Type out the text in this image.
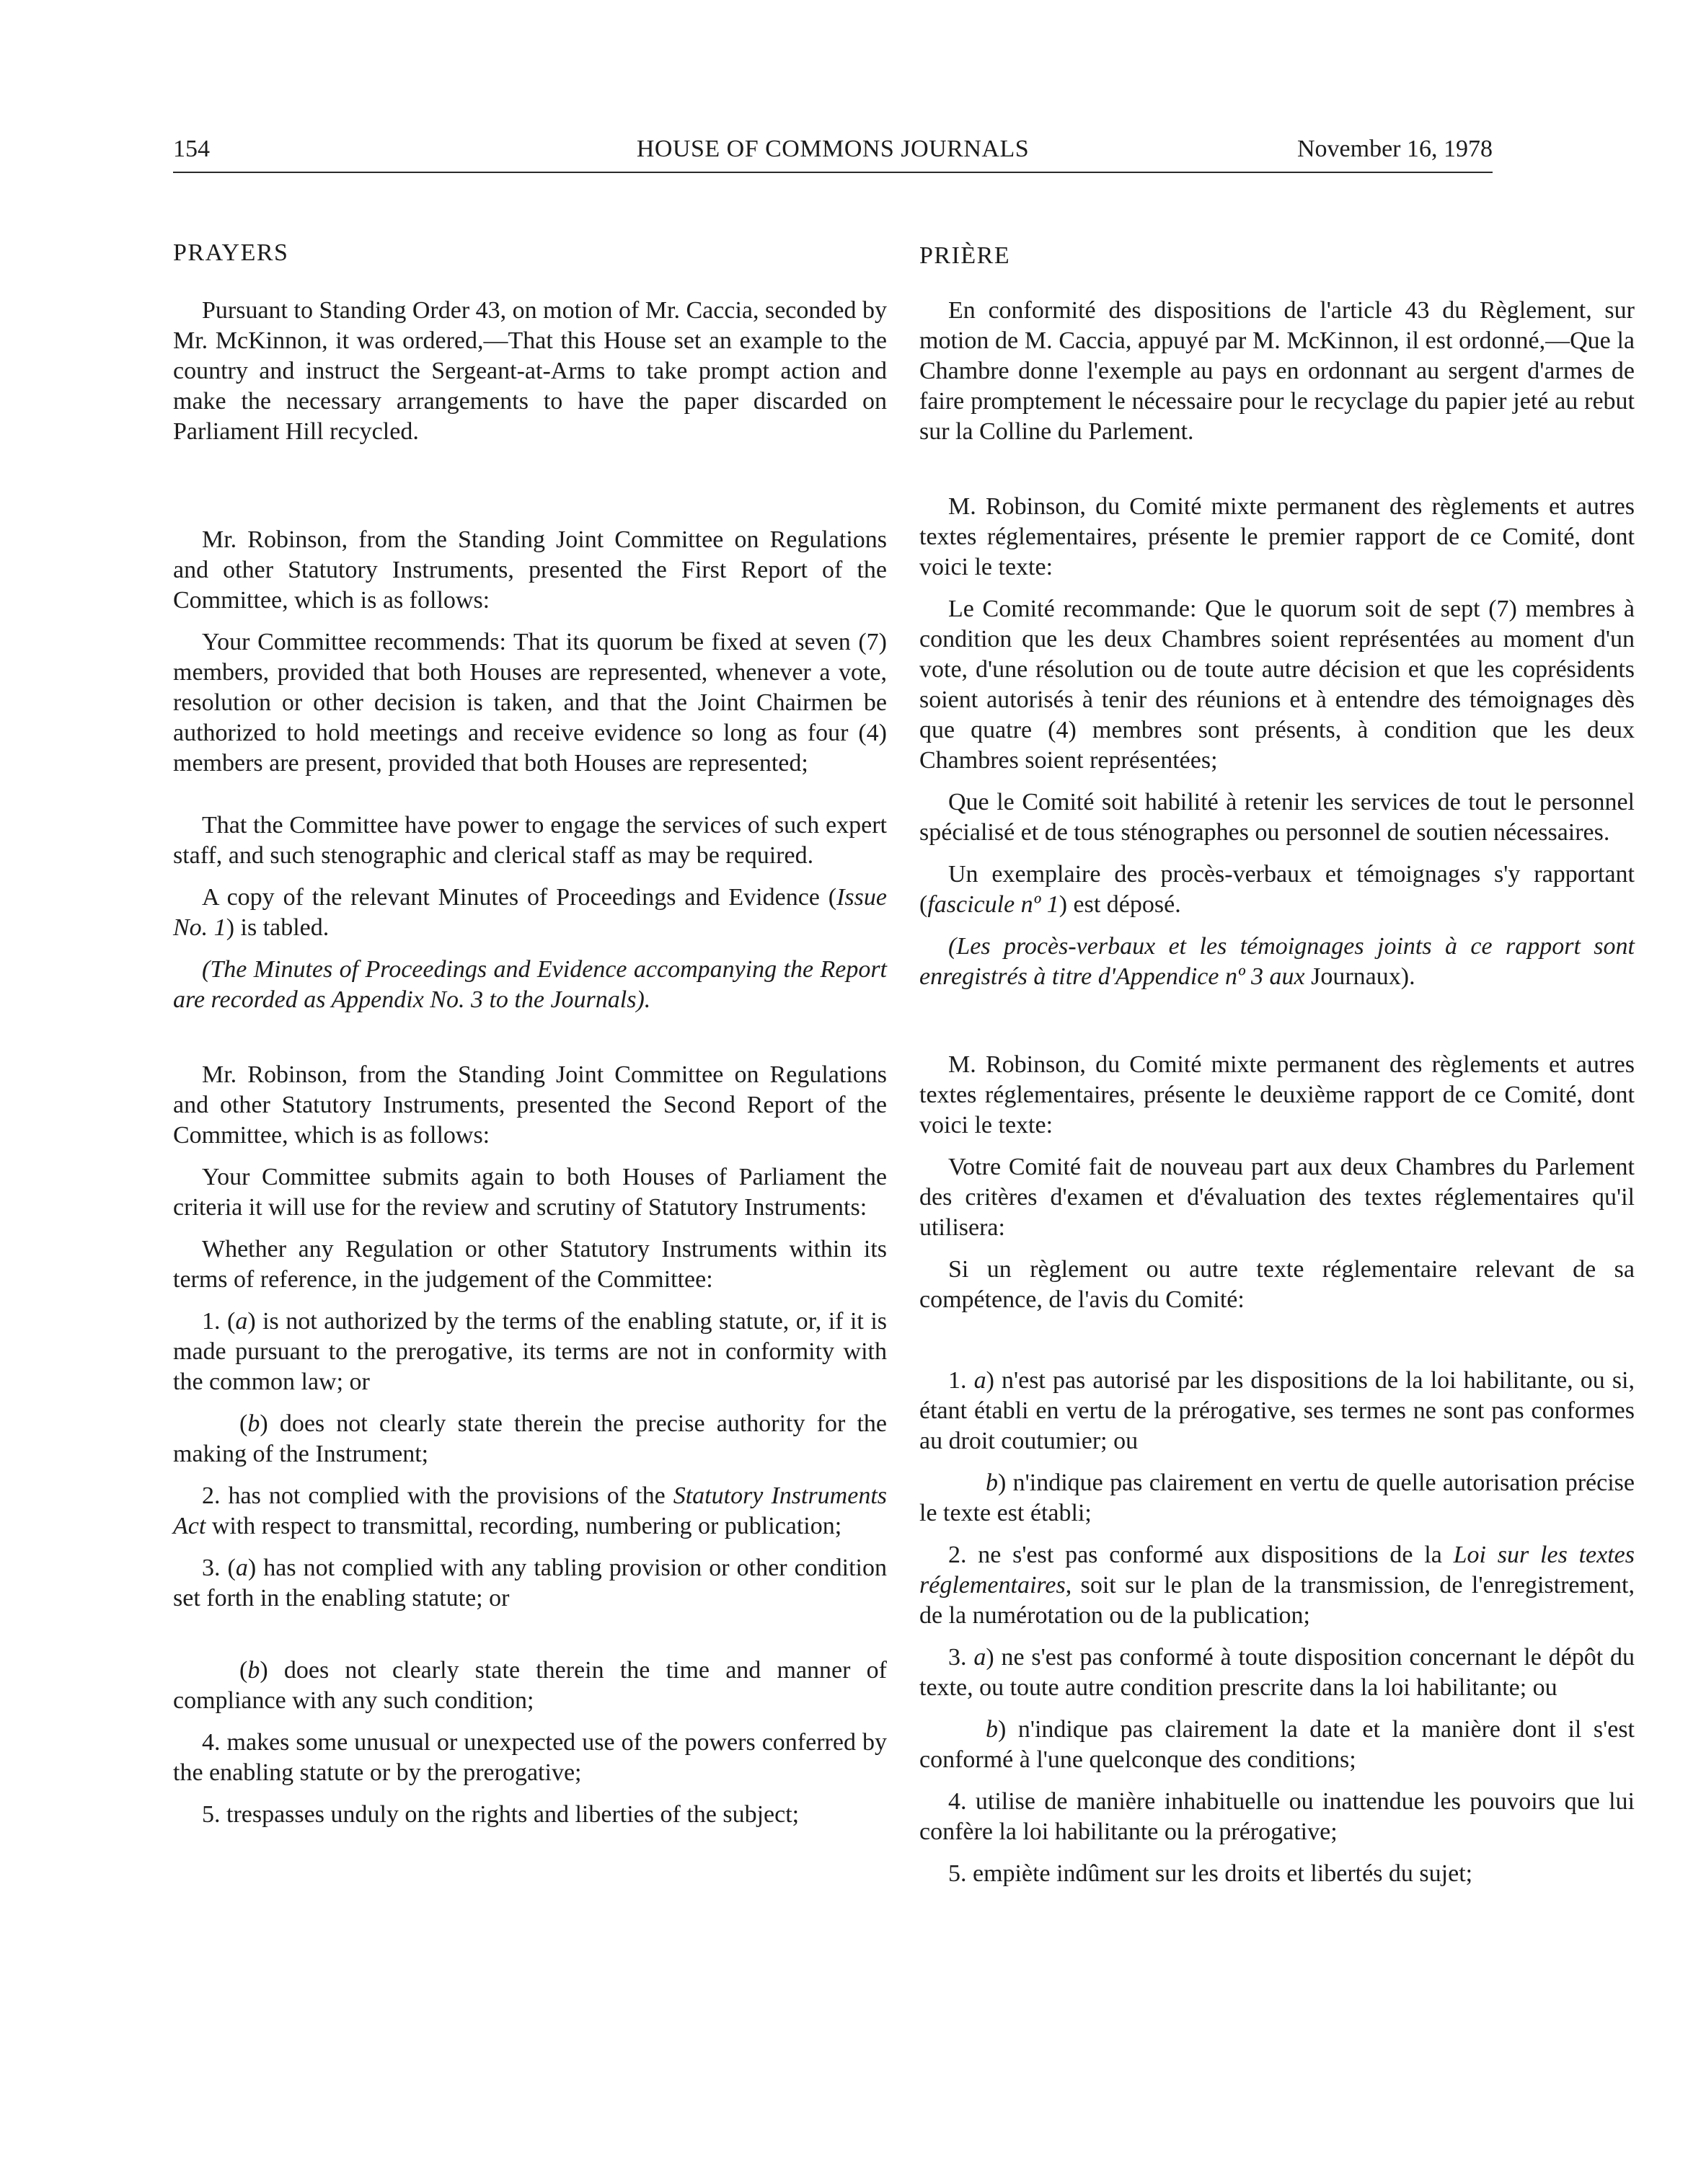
154	HOUSE OF COMMONS JOURNALS	November 16, 1978
PRAYERS

Pursuant to Standing Order 43, on motion of Mr. Caccia, seconded by Mr. McKinnon, it was ordered,—That this House set an example to the country and instruct the Sergeant-at-Arms to take prompt action and make the necessary arrangements to have the paper discarded on Parliament Hill recycled.

Mr. Robinson, from the Standing Joint Committee on Regulations and other Statutory Instruments, presented the First Report of the Committee, which is as follows:

Your Committee recommends: That its quorum be fixed at seven (7) members, provided that both Houses are represented, whenever a vote, resolution or other decision is taken, and that the Joint Chairmen be authorized to hold meetings and receive evidence so long as four (4) members are present, provided that both Houses are represented;

That the Committee have power to engage the services of such expert staff, and such stenographic and clerical staff as may be required.

A copy of the relevant Minutes of Proceedings and Evidence (Issue No. 1) is tabled.

(The Minutes of Proceedings and Evidence accompanying the Report are recorded as Appendix No. 3 to the Journals).

Mr. Robinson, from the Standing Joint Committee on Regulations and other Statutory Instruments, presented the Second Report of the Committee, which is as follows:

Your Committee submits again to both Houses of Parliament the criteria it will use for the review and scrutiny of Statutory Instruments:

Whether any Regulation or other Statutory Instruments within its terms of reference, in the judgement of the Committee:

1. (a) is not authorized by the terms of the enabling statute, or, if it is made pursuant to the prerogative, its terms are not in conformity with the common law; or

(b) does not clearly state therein the precise authority for the making of the Instrument;

2. has not complied with the provisions of the Statutory Instruments Act with respect to transmittal, recording, numbering or publication;

3. (a) has not complied with any tabling provision or other condition set forth in the enabling statute; or

(b) does not clearly state therein the time and manner of compliance with any such condition;

4. makes some unusual or unexpected use of the powers conferred by the enabling statute or by the prerogative;

5. trespasses unduly on the rights and liberties of the subject;

PRIÈRE

En conformité des dispositions de l'article 43 du Règlement, sur motion de M. Caccia, appuyé par M. McKinnon, il est ordonné,—Que la Chambre donne l'exemple au pays en ordonnant au sergent d'armes de faire promptement le nécessaire pour le recyclage du papier jeté au rebut sur la Colline du Parlement.

M. Robinson, du Comité mixte permanent des règlements et autres textes réglementaires, présente le premier rapport de ce Comité, dont voici le texte:

Le Comité recommande: Que le quorum soit de sept (7) membres à condition que les deux Chambres soient représentées au moment d'un vote, d'une résolution ou de toute autre décision et que les coprésidents soient autorisés à tenir des réunions et à entendre des témoignages dès que quatre (4) membres sont présents, à condition que les deux Chambres soient représentées;

Que le Comité soit habilité à retenir les services de tout le personnel spécialisé et de tous sténographes ou personnel de soutien nécessaires.

Un exemplaire des procès-verbaux et témoignages s'y rapportant (fascicule nº 1) est déposé.

(Les procès-verbaux et les témoignages joints à ce rapport sont enregistrés à titre d'Appendice nº 3 aux Journaux).

M. Robinson, du Comité mixte permanent des règlements et autres textes réglementaires, présente le deuxième rapport de ce Comité, dont voici le texte:

Votre Comité fait de nouveau part aux deux Chambres du Parlement des critères d'examen et d'évaluation des textes réglementaires qu'il utilisera:

Si un règlement ou autre texte réglementaire relevant de sa compétence, de l'avis du Comité:

1. a) n'est pas autorisé par les dispositions de la loi habilitante, ou si, étant établi en vertu de la prérogative, ses termes ne sont pas conformes au droit coutumier; ou

b) n'indique pas clairement en vertu de quelle autorisation précise le texte est établi;

2. ne s'est pas conformé aux dispositions de la Loi sur les textes réglementaires, soit sur le plan de la transmission, de l'enregistrement, de la numérotation ou de la publication;

3. a) ne s'est pas conformé à toute disposition concernant le dépôt du texte, ou toute autre condition prescrite dans la loi habilitante; ou

b) n'indique pas clairement la date et la manière dont il s'est conformé à l'une quelconque des conditions;

4. utilise de manière inhabituelle ou inattendue les pouvoirs que lui confère la loi habilitante ou la prérogative;

5. empiète indûment sur les droits et libertés du sujet;
